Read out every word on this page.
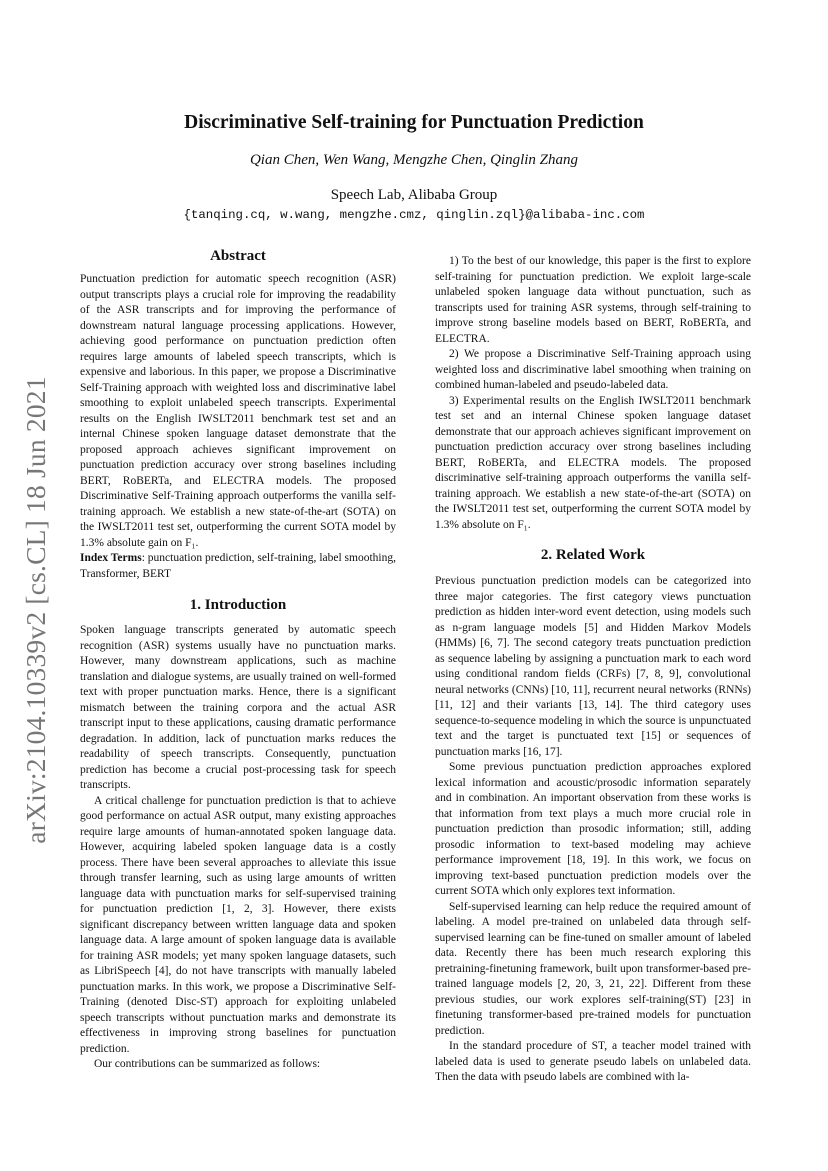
arXiv:2104.10339v2 [cs.CL] 18 Jun 2021
Discriminative Self-training for Punctuation Prediction
Qian Chen, Wen Wang, Mengzhe Chen, Qinglin Zhang
Speech Lab, Alibaba Group
{tanqing.cq, w.wang, mengzhe.cmz, qinglin.zql}@alibaba-inc.com
Abstract

Punctuation prediction for automatic speech recognition (ASR) output transcripts plays a crucial role for improving the readability of the ASR transcripts and for improving the performance of downstream natural language processing applications. However, achieving good performance on punctuation prediction often requires large amounts of labeled speech transcripts, which is expensive and laborious. In this paper, we propose a Discriminative Self-Training approach with weighted loss and discriminative label smoothing to exploit unlabeled speech transcripts. Experimental results on the English IWSLT2011 benchmark test set and an internal Chinese spoken language dataset demonstrate that the proposed approach achieves significant improvement on punctuation prediction accuracy over strong baselines including BERT, RoBERTa, and ELECTRA models. The proposed Discriminative Self-Training approach outperforms the vanilla self-training approach. We establish a new state-of-the-art (SOTA) on the IWSLT2011 test set, outperforming the current SOTA model by 1.3% absolute gain on F₁.

Index Terms: punctuation prediction, self-training, label smoothing, Transformer, BERT

1. Introduction

Spoken language transcripts generated by automatic speech recognition (ASR) systems usually have no punctuation marks. However, many downstream applications, such as machine translation and dialogue systems, are usually trained on well-formed text with proper punctuation marks. Hence, there is a significant mismatch between the training corpora and the actual ASR transcript input to these applications, causing dramatic performance degradation. In addition, lack of punctuation marks reduces the readability of speech transcripts. Consequently, punctuation prediction has become a crucial post-processing task for speech transcripts.

A critical challenge for punctuation prediction is that to achieve good performance on actual ASR output, many existing approaches require large amounts of human-annotated spoken language data. However, acquiring labeled spoken language data is a costly process. There have been several approaches to alleviate this issue through transfer learning, such as using large amounts of written language data with punctuation marks for self-supervised training for punctuation prediction [1, 2, 3]. However, there exists significant discrepancy between written language data and spoken language data. A large amount of spoken language data is available for training ASR models; yet many spoken language datasets, such as LibriSpeech [4], do not have transcripts with manually labeled punctuation marks. In this work, we propose a Discriminative Self-Training (denoted Disc-ST) approach for exploiting unlabeled speech transcripts without punctuation marks and demonstrate its effectiveness in improving strong baselines for punctuation prediction.

Our contributions can be summarized as follows:

1) To the best of our knowledge, this paper is the first to explore self-training for punctuation prediction. We exploit large-scale unlabeled spoken language data without punctuation, such as transcripts used for training ASR systems, through self-training to improve strong baseline models based on BERT, RoBERTa, and ELECTRA.

2) We propose a Discriminative Self-Training approach using weighted loss and discriminative label smoothing when training on combined human-labeled and pseudo-labeled data.

3) Experimental results on the English IWSLT2011 benchmark test set and an internal Chinese spoken language dataset demonstrate that our approach achieves significant improvement on punctuation prediction accuracy over strong baselines including BERT, RoBERTa, and ELECTRA models. The proposed discriminative self-training approach outperforms the vanilla self-training approach. We establish a new state-of-the-art (SOTA) on the IWSLT2011 test set, outperforming the current SOTA model by 1.3% absolute on F₁.

2. Related Work

Previous punctuation prediction models can be categorized into three major categories. The first category views punctuation prediction as hidden inter-word event detection, using models such as n-gram language models [5] and Hidden Markov Models (HMMs) [6, 7]. The second category treats punctuation prediction as sequence labeling by assigning a punctuation mark to each word using conditional random fields (CRFs) [7, 8, 9], convolutional neural networks (CNNs) [10, 11], recurrent neural networks (RNNs) [11, 12] and their variants [13, 14]. The third category uses sequence-to-sequence modeling in which the source is unpunctuated text and the target is punctuated text [15] or sequences of punctuation marks [16, 17].

Some previous punctuation prediction approaches explored lexical information and acoustic/prosodic information separately and in combination. An important observation from these works is that information from text plays a much more crucial role in punctuation prediction than prosodic information; still, adding prosodic information to text-based modeling may achieve performance improvement [18, 19]. In this work, we focus on improving text-based punctuation prediction models over the current SOTA which only explores text information.

Self-supervised learning can help reduce the required amount of labeling. A model pre-trained on unlabeled data through self-supervised learning can be fine-tuned on smaller amount of labeled data. Recently there has been much research exploring this pretraining-finetuning framework, built upon transformer-based pre-trained language models [2, 20, 3, 21, 22]. Different from these previous studies, our work explores self-training(ST) [23] in finetuning transformer-based pre-trained models for punctuation prediction.

In the standard procedure of ST, a teacher model trained with labeled data is used to generate pseudo labels on unlabeled data. Then the data with pseudo labels are combined with la-
